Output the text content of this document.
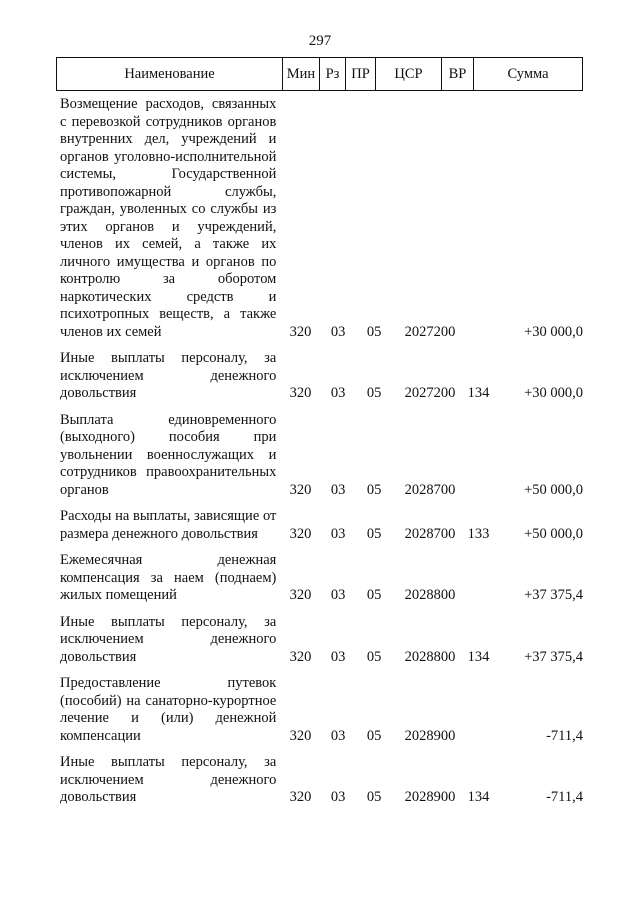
297
Наименование	Мин Рз ПР	ЦСР	ВР	Сумма
Возмещение расходов, связанных с перевозкой сотрудников органов внутренних дел, учреждений и органов уголовно-исполнительной системы, Государственной противопожарной службы, граждан, уволенных со службы из этих органов и учреждений, членов их семей, а также их личного имущества и органов по контролю за оборотом наркотических средств и психотропных веществ, а также членов их семей	320	03	05	2027200	+30 000,0
Иные выплаты персоналу, за исключением денежного довольствия	320	03	05	2027200 134	+30 000,0
Выплата единовременного (выходного) пособия при увольнении военнослужащих и сотрудников правоохранительных органов	320	03	05	2028700	+50 000,0
Расходы на выплаты, зависящие от размера денежного довольствия	320	03	05	2028700 133	+50 000,0
Ежемесячная денежная компенсация за наем (поднаем) жилых помещений	320	03	05	2028800	+37 375,4
Иные выплаты персоналу, за исключением денежного довольствия	320	03	05	2028800 134	+37 375,4
Предоставление путевок (пособий) на санаторно-курортное лечение и (или) денежной компенсации	320	03	05	2028900	-711,4
Иные выплаты персоналу, за исключением денежного довольствия	320	03	05	2028900 134	-711,4
